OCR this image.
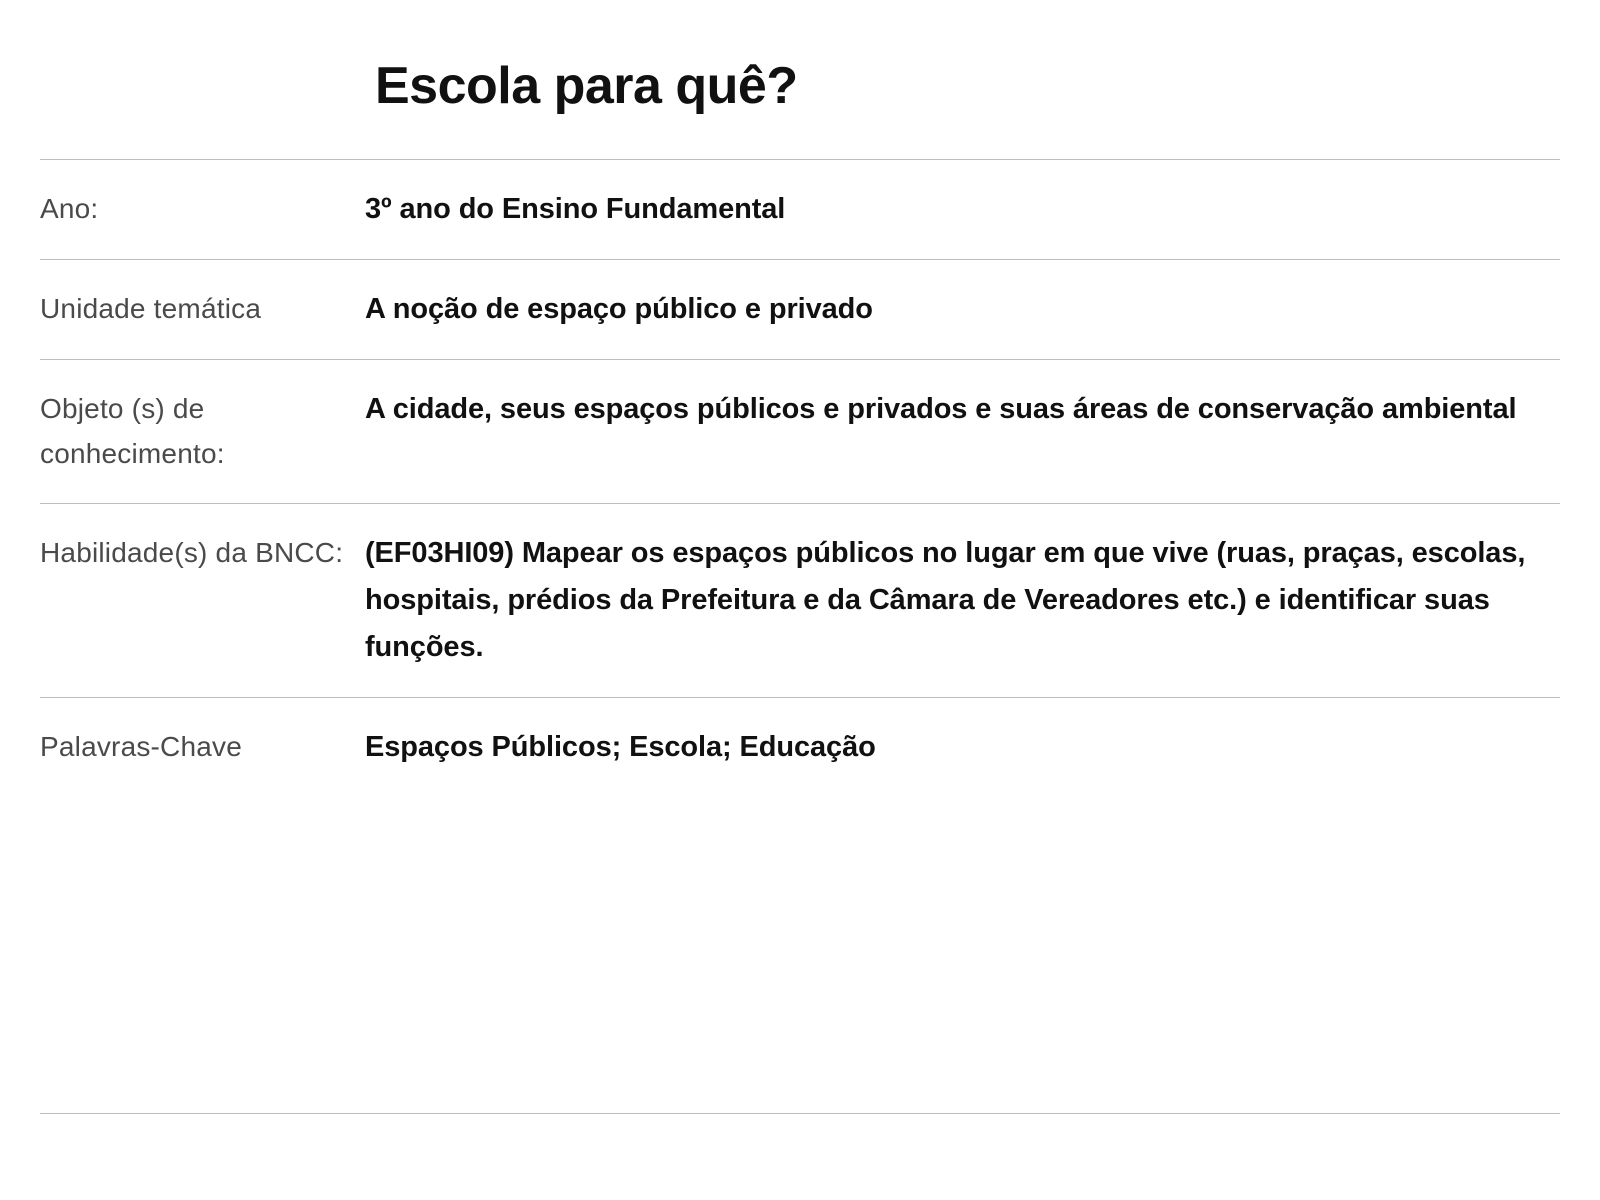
Escola para quê?
Ano:	3º ano do Ensino Fundamental
Unidade temática	A noção de espaço público e privado
Objeto (s) de conhecimento:	A cidade, seus espaços públicos e privados e suas áreas de conservação ambiental
Habilidade(s) da BNCC:	(EF03HI09) Mapear os espaços públicos no lugar em que vive (ruas, praças, escolas, hospitais, prédios da Prefeitura e da Câmara de Vereadores etc.) e identificar suas funções.
Palavras-Chave	Espaços Públicos; Escola; Educação
